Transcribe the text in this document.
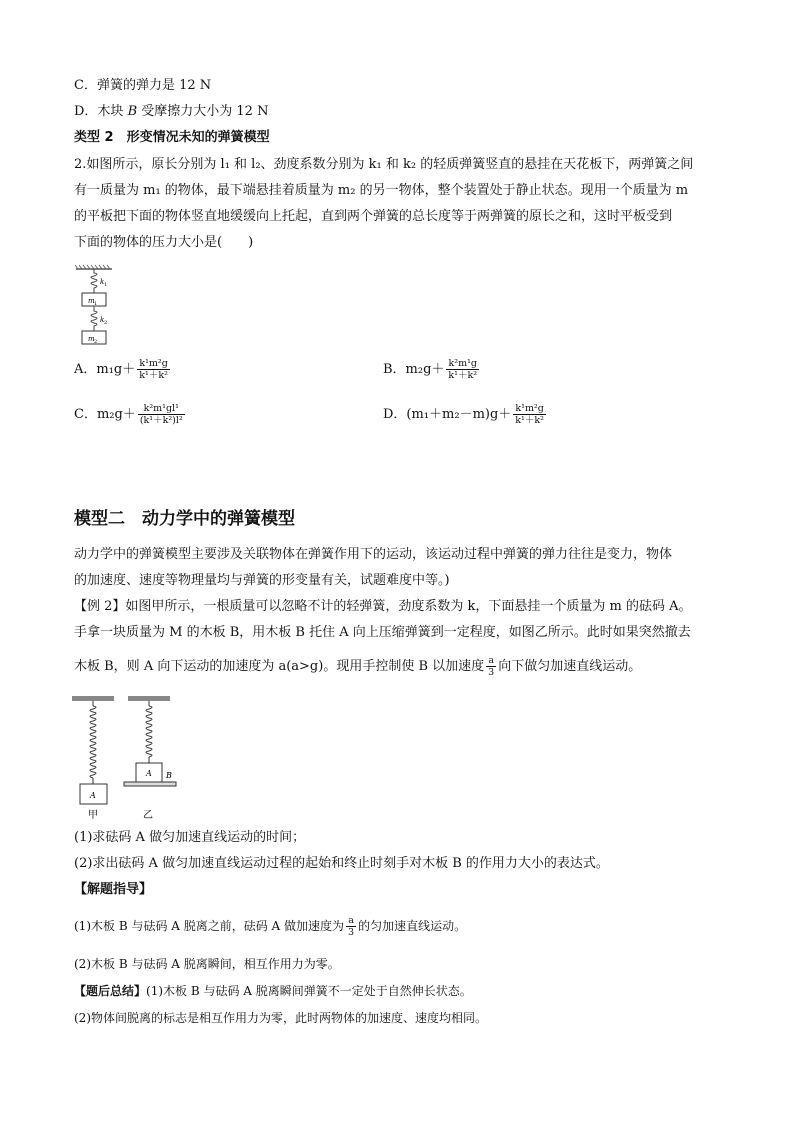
C．弹簧的弹力是 12 N
D．木块 B 受摩擦力大小为 12 N
类型 2　形变情况未知的弹簧模型
2.如图所示，原长分别为 l₁ 和 l₂、劲度系数分别为 k₁ 和 k₂ 的轻质弹簧竖直的悬挂在天花板下，两弹簧之间
有一质量为 m₁ 的物体，最下端悬挂着质量为 m₂ 的另一物体，整个装置处于静止状态。现用一个质量为 m
的平板把下面的物体竖直地缓缓向上托起，直到两个弹簧的总长度等于两弹簧的原长之和，这时平板受到
下面的物体的压力大小是(　　)
k 1
m 1
k 2
m 2
A．$m_1g+ \frac{\text{k¹m²g}}{\text{k¹＋k²}}$	B．$m_2g+ \frac{\text{k²m¹g}}{\text{k¹＋k²}}$
C．$m_2g+ \frac{\text{k²m¹gl¹}}{\text{(k¹＋k²)l²}}$	D．$(m_1+m_2-m)g+ \frac{\text{k¹m²g}}{\text{k¹＋k²}}$
模型二　动力学中的弹簧模型
动力学中的弹簧模型主要涉及关联物体在弹簧作用下的运动，该运动过程中弹簧的弹力往往是变力，物体
的加速度、速度等物理量均与弹簧的形变量有关，试题难度中等。)
【例 2】如图甲所示，一根质量可以忽略不计的轻弹簧，劲度系数为 k，下面悬挂一个质量为 m 的砝码 A。
手拿一块质量为 M 的木板 B，用木板 B 托住 A 向上压缩弹簧到一定程度，如图乙所示。此时如果突然撤去
木板 B，则 A 向下运动的加速度为 a(a>g)。现用手控制使 B 以加速度 $\frac{a}{3}$ 向下做匀加速直线运动。
A
甲
A B
乙
(1)求砝码 A 做匀加速直线运动的时间；
(2)求出砝码 A 做匀加速直线运动过程的起始和终止时刻手对木板 B 的作用力大小的表达式。
【解题指导】
(1)木板 B 与砝码 A 脱离之前，砝码 A 做加速度为 $\frac{a}{3}$ 的匀加速直线运动。
(2)木板 B 与砝码 A 脱离瞬间，相互作用力为零。
【题后总结】(1)木板 B 与砝码 A 脱离瞬间弹簧不一定处于自然伸长状态。
(2)物体间脱离的标志是相互作用力为零，此时两物体的加速度、速度均相同。
